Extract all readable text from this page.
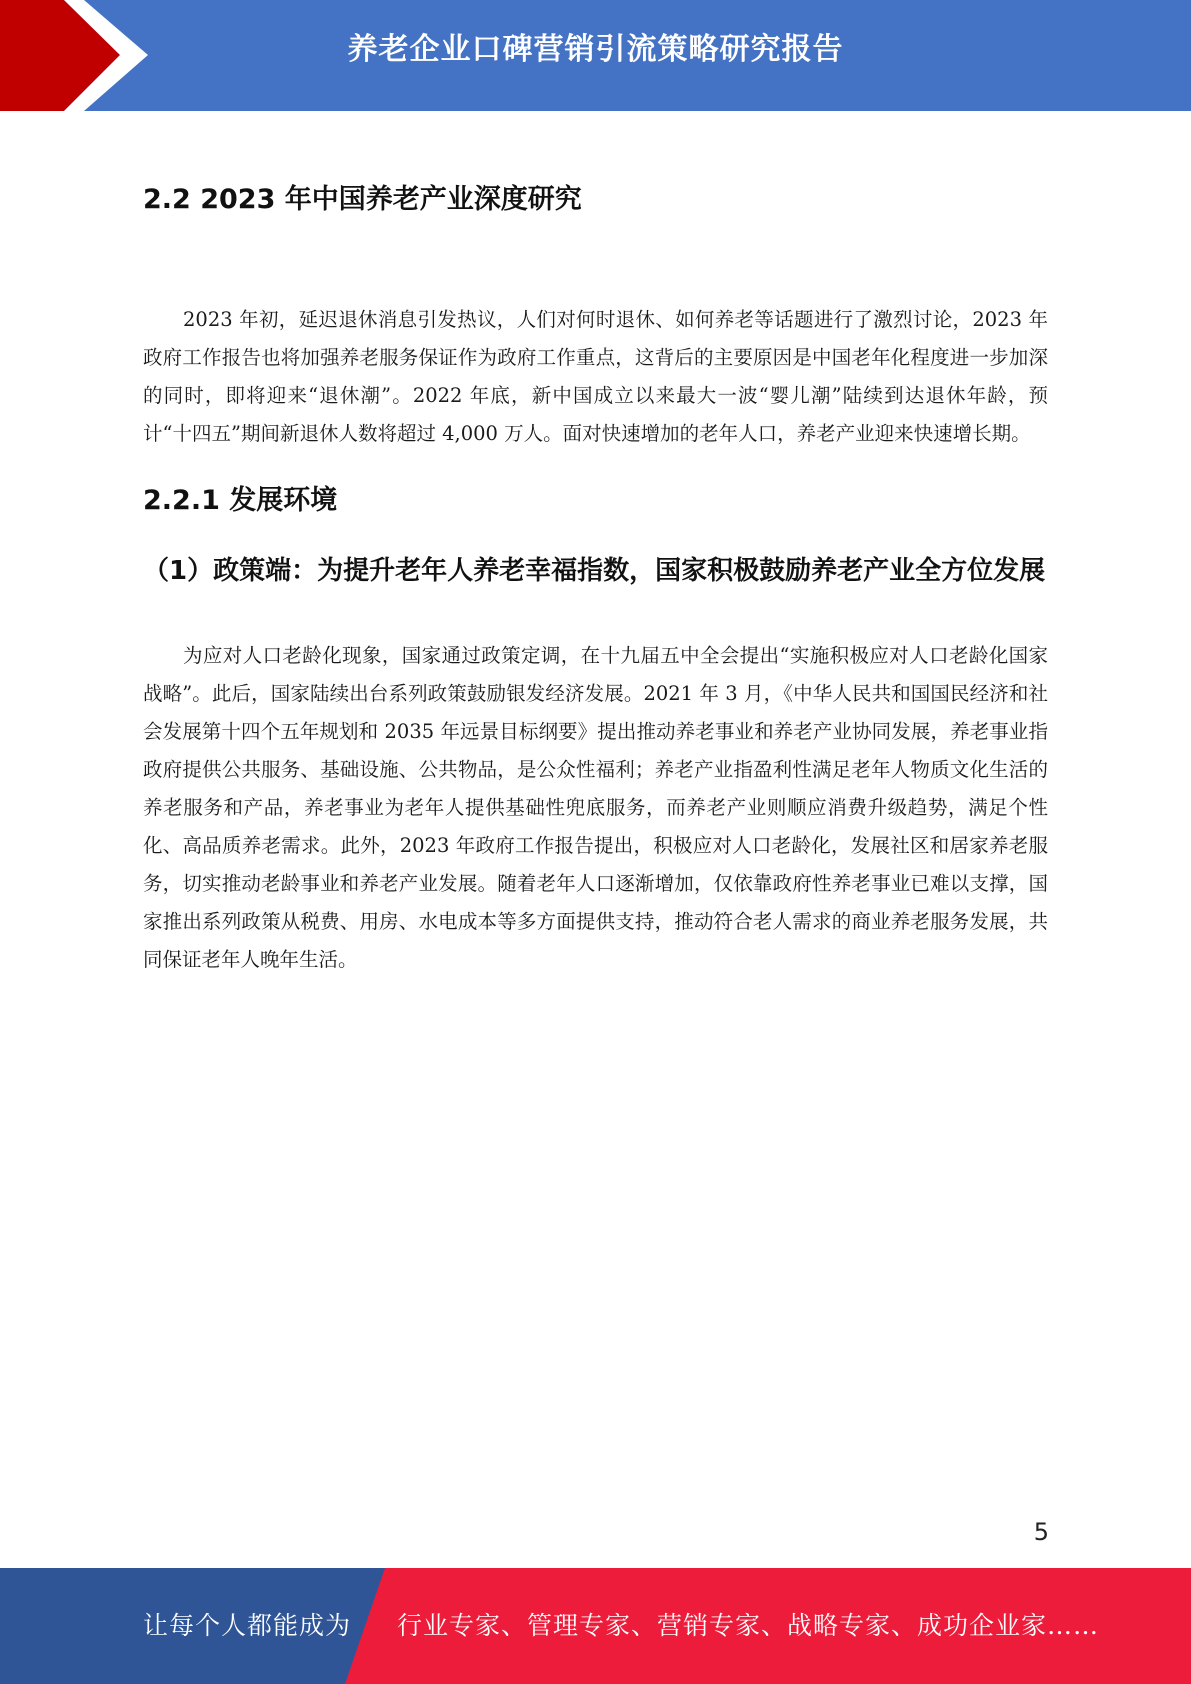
养老企业口碑营销引流策略研究报告
2.2 2023 年中国养老产业深度研究

2023 年初，延迟退休消息引发热议，人们对何时退休、如何养老等话题进行了激烈讨论，2023 年政府工作报告也将加强养老服务保证作为政府工作重点，这背后的主要原因是中国老年化程度进一步加深的同时，即将迎来“退休潮”。2022 年底，新中国成立以来最大一波“婴儿潮”陆续到达退休年龄，预计“十四五”期间新退休人数将超过 4,000 万人。面对快速增加的老年人口，养老产业迎来快速增长期。

2.2.1 发展环境
（1）政策端：为提升老年人养老幸福指数，国家积极鼓励养老产业全方位发展

为应对人口老龄化现象，国家通过政策定调，在十九届五中全会提出“实施积极应对人口老龄化国家战略”。此后，国家陆续出台系列政策鼓励银发经济发展。2021 年 3 月，《中华人民共和国国民经济和社会发展第十四个五年规划和 2035 年远景目标纲要》提出推动养老事业和养老产业协同发展，养老事业指政府提供公共服务、基础设施、公共物品，是公众性福利；养老产业指盈利性满足老年人物质文化生活的养老服务和产品，养老事业为老年人提供基础性兜底服务，而养老产业则顺应消费升级趋势，满足个性化、高品质养老需求。此外，2023 年政府工作报告提出，积极应对人口老龄化，发展社区和居家养老服务，切实推动老龄事业和养老产业发展。随着老年人口逐渐增加，仅依靠政府性养老事业已难以支撑，国家推出系列政策从税费、用房、水电成本等多方面提供支持，推动符合老人需求的商业养老服务发展，共同保证老年人晚年生活。

5
让每个人都能成为 行业专家、管理专家、营销专家、战略专家、成功企业家……
